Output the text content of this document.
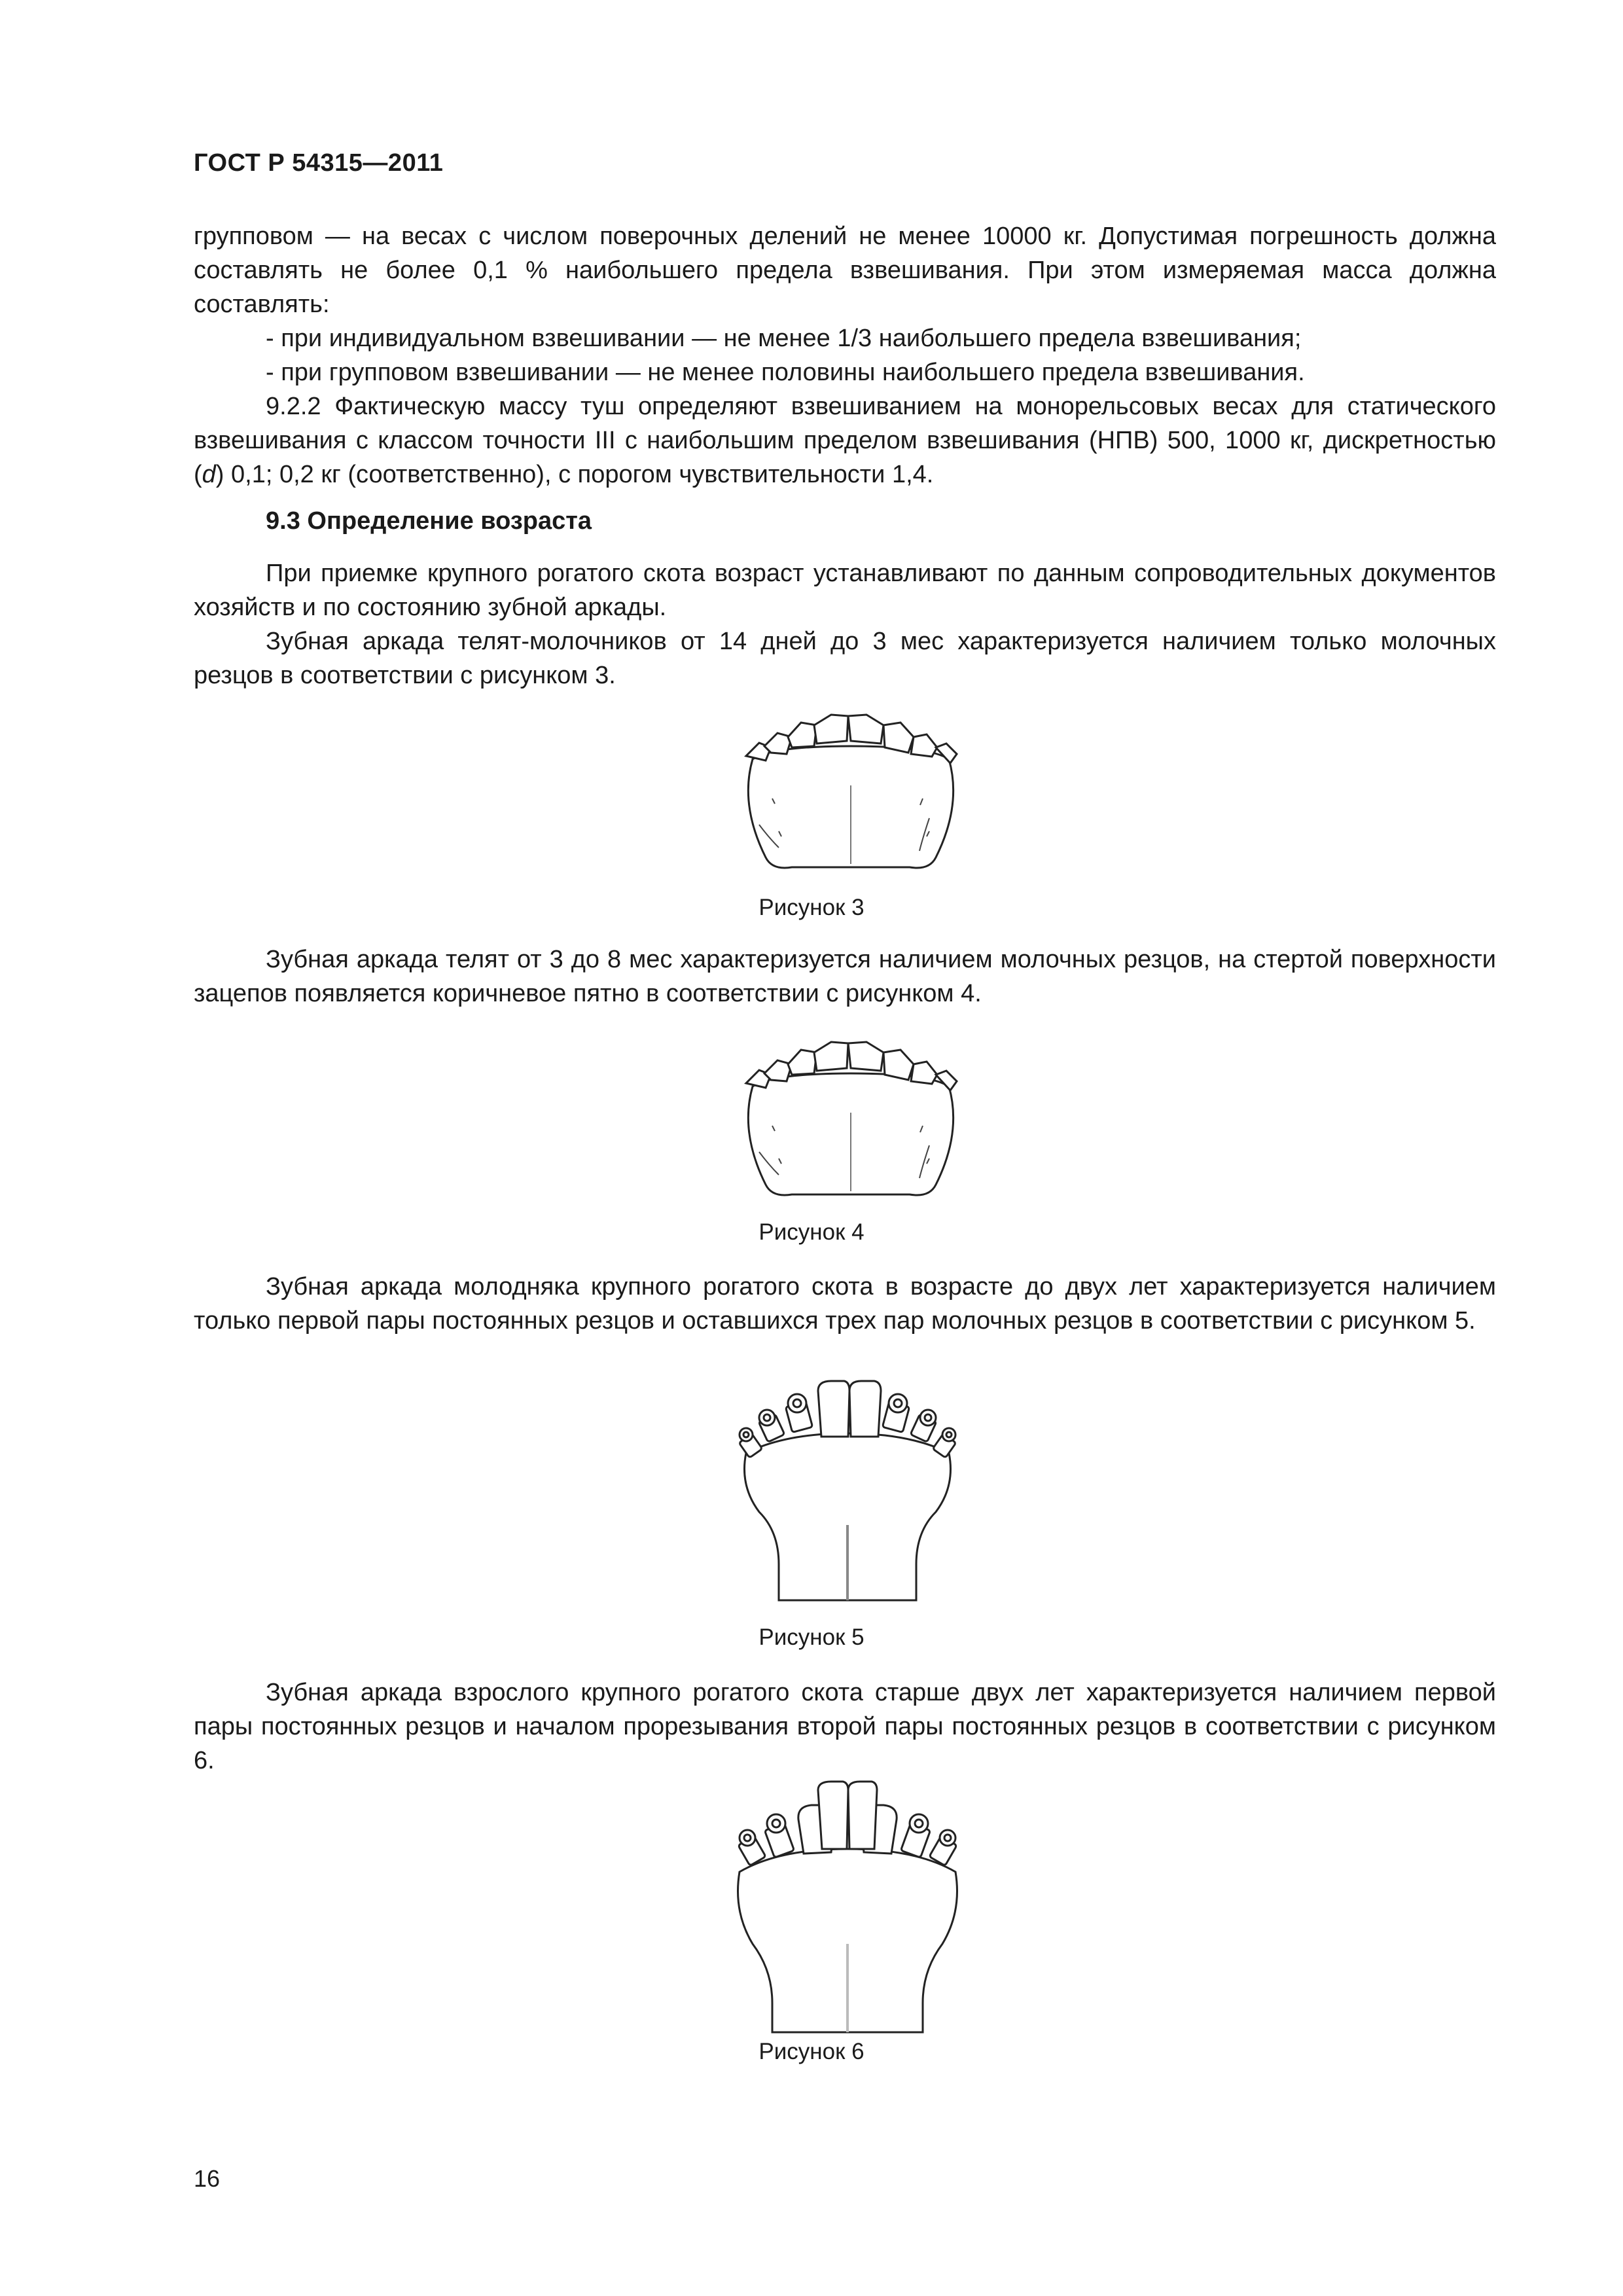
ГОСТ Р 54315—2011

групповом — на весах с числом поверочных делений не менее 10000 кг. Допустимая погрешность должна составлять не более 0,1 % наибольшего предела взвешивания. При этом измеряемая масса должна составлять:

- при индивидуальном взвешивании — не менее 1/3 наибольшего предела взвешивания;

- при групповом взвешивании — не менее половины наибольшего предела взвешивания.

9.2.2 Фактическую массу туш определяют взвешиванием на монорельсовых весах для статического взвешивания с классом точности III с наибольшим пределом взвешивания (НПВ) 500, 1000 кг, дискретностью (d) 0,1; 0,2 кг (соответственно), с порогом чувствительности 1,4.

9.3 Определение возраста

При приемке крупного рогатого скота возраст устанавливают по данным сопроводительных документов хозяйств и по состоянию зубной аркады.

Зубная аркада телят-молочников от 14 дней до 3 мес характеризуется наличием только молочных резцов в соответствии с рисунком 3.

Рисунок 3

Зубная аркада телят от 3 до 8 мес характеризуется наличием молочных резцов, на стертой поверхности зацепов появляется коричневое пятно в соответствии с рисунком 4.

Рисунок 4

Зубная аркада молодняка крупного рогатого скота в возрасте до двух лет характеризуется наличием только первой пары постоянных резцов и оставшихся трех пар молочных резцов в соответствии с рисунком 5.

Рисунок 5

Зубная аркада взрослого крупного рогатого скота старше двух лет характеризуется наличием первой пары постоянных резцов и началом прорезывания второй пары постоянных резцов в соответствии с рисунком 6.

Рисунок 6
16
